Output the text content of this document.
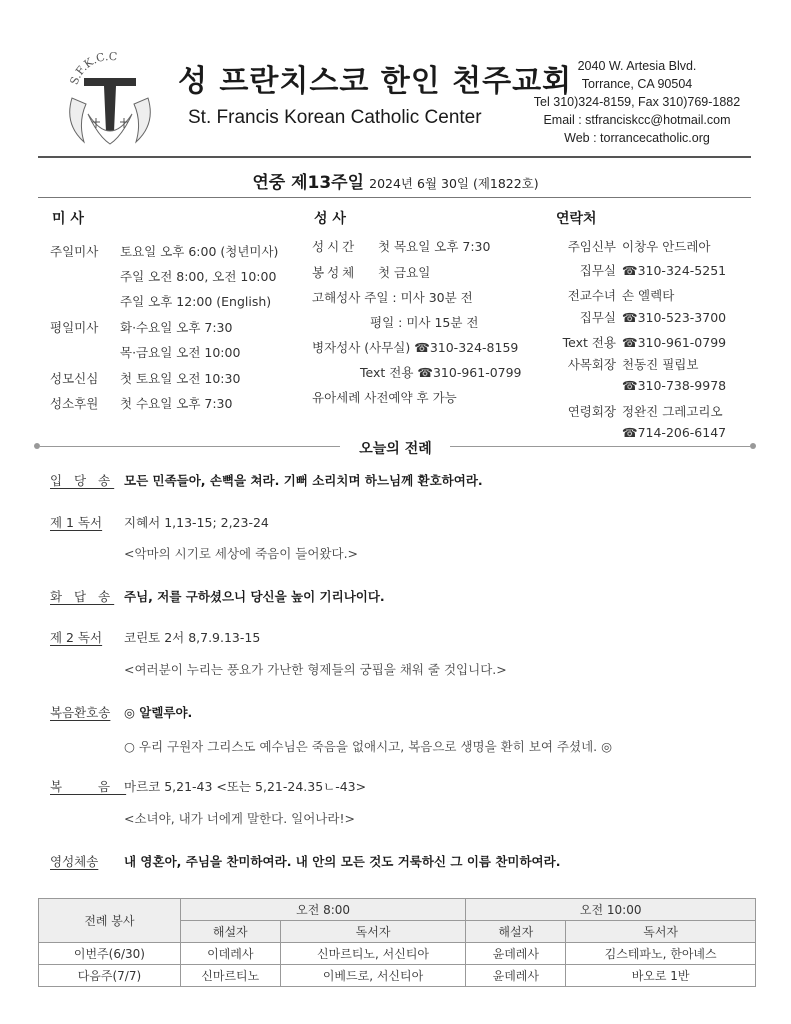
S.F.K.C.C
성 프란치스코 한인 천주교회
St. Francis Korean Catholic Center
2040 W. Artesia Blvd.
Torrance, CA 90504
Tel 310)324-8159, Fax 310)769-1882
Email : stfranciskcc@hotmail.com
Web : torrancecatholic.org
연중 제13주일 2024년 6월 30일 (제1822호)
미 사
주일미사 토요일 오후 6:00 (청년미사)
주일 오전 8:00, 오전 10:00
주일 오후 12:00 (English)
평일미사 화·수요일 오후 7:30
목·금요일 오전 10:00
성모신심 첫 토요일 오전 10:30
성소후원 첫 수요일 오후 7:30
성 사
성시간 첫 목요일 오후 7:30
봉성체 첫 금요일
고해성사 주일 : 미사 30분 전
평일 : 미사 15분 전
병자성사 (사무실) ☎310-324-8159
Text 전용 ☎310-961-0799
유아세례 사전예약 후 가능
연락처
주임신부 이창우 안드레아
집무실 ☎310-324-5251
전교수녀 손 엘렉타
집무실 ☎310-523-3700
Text 전용 ☎310-961-0799
사목회장 천동진 필립보
☎310-738-9978
연령회장 정완진 그레고리오
☎714-206-6147
오늘의 전례
입 당 송 모든 민족들아, 손뼉을 쳐라. 기뻐 소리치며 하느님께 환호하여라.
제 1 독서 지혜서 1,13-15; 2,23-24
<악마의 시기로 세상에 죽음이 들어왔다.>
화 답 송 주님, 저를 구하셨으니 당신을 높이 기리나이다.
제 2 독서 코린토 2서 8,7.9.13-15
<여러분이 누리는 풍요가 가난한 형제들의 궁핍을 채워 줄 것입니다.>
복음환호송 ◎ 알렐루야.
○ 우리 구원자 그리스도 예수님은 죽음을 없애시고, 복음으로 생명을 환히 보여 주셨네. ◎
복 음
마르코 5,21-43 <또는 5,21-24.35ㄴ-43>
<소녀야, 내가 너에게 말한다. 일어나라!>
영성체송 내 영혼아, 주님을 찬미하여라. 내 안의 모든 것도 거룩하신 그 이름 찬미하여라.
전례 봉사	오전 8:00		오전 10:00	
	해설자	독서자	해설자	독서자
이번주(6/30)	이데레사	신마르티노, 서신티아	윤데레사	김스테파노, 한아녜스
다음주(7/7)	신마르티노	이베드로, 서신티아	윤데레사	바오로 1반
